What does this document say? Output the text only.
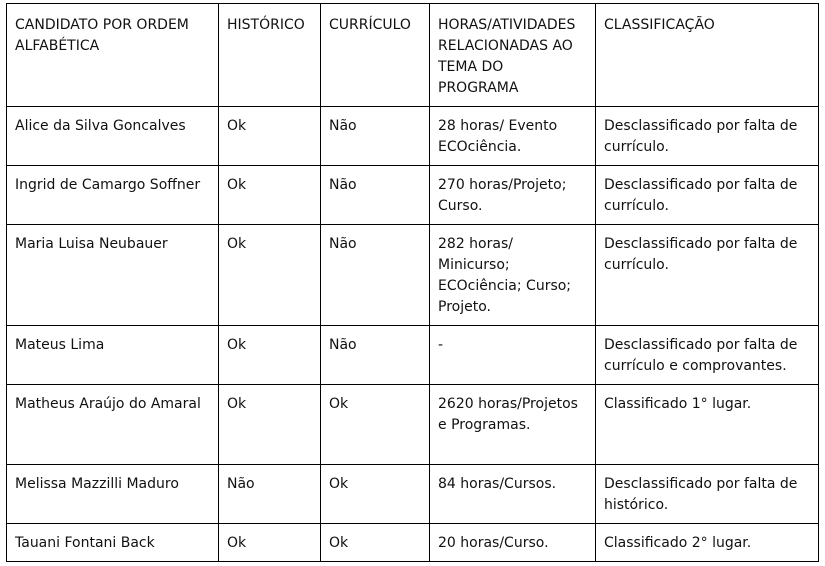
CANDIDATO POR ORDEM ALFABÉTICA	HISTÓRICO	CURRÍCULO	HORAS/ATIVIDADES RELACIONADAS AO TEMA DO PROGRAMA	CLASSIFICAÇÃO
Alice da Silva Goncalves	Ok	Não	28 horas/ Evento ECOciência.	Desclassificado por falta de currículo.
Ingrid de Camargo Soffner	Ok	Não	270 horas/Projeto; Curso.	Desclassificado por falta de currículo.
Maria Luisa Neubauer	Ok	Não	282 horas/ Minicurso; ECOciência; Curso; Projeto.	Desclassificado por falta de currículo.
Mateus Lima	Ok	Não	-	Desclassificado por falta de currículo e comprovantes.
Matheus Araújo do Amaral	Ok	Ok	2620 horas/Projetos e Programas.	Classificado 1° lugar.
Melissa Mazzilli Maduro	Não	Ok	84 horas/Cursos.	Desclassificado por falta de histórico.
Tauani Fontani Back	Ok	Ok	20 horas/Curso.	Classificado 2° lugar.
